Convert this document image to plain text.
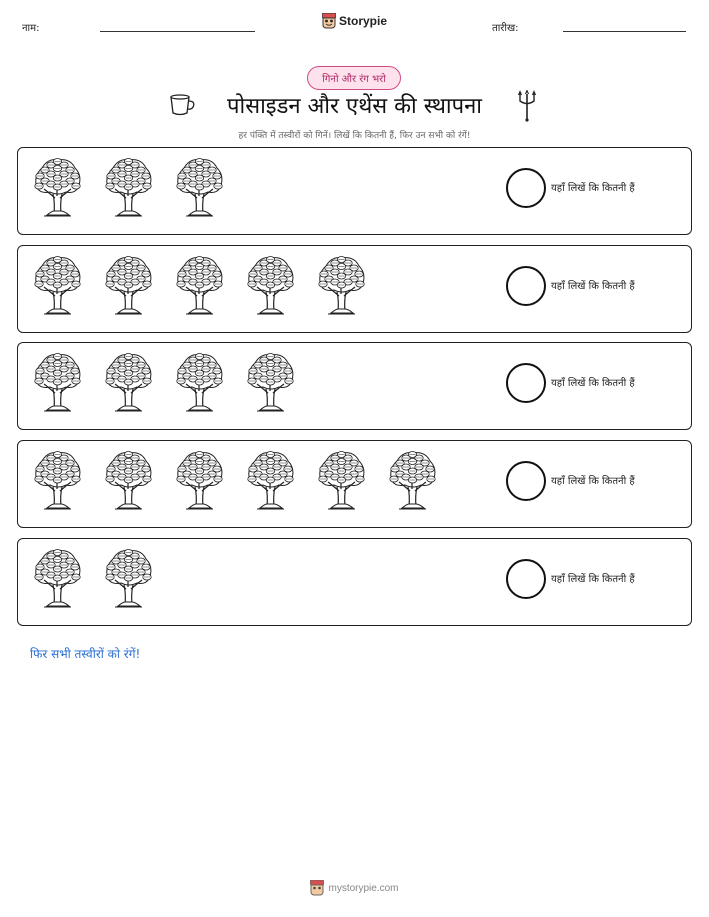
नाम:
Storypie
तारीख:
गिनो और रंग भरो
पोसाइडन और एथेंस की स्थापना
हर पंक्ति में तस्वीरों को गिनें। लिखें कि कितनी हैं, फिर उन सभी को रंगें!
यहाँ लिखें कि कितनी हैं
यहाँ लिखें कि कितनी हैं
यहाँ लिखें कि कितनी हैं
यहाँ लिखें कि कितनी हैं
यहाँ लिखें कि कितनी हैं
फिर सभी तस्वीरों को रंगें!
mystorypie.com
